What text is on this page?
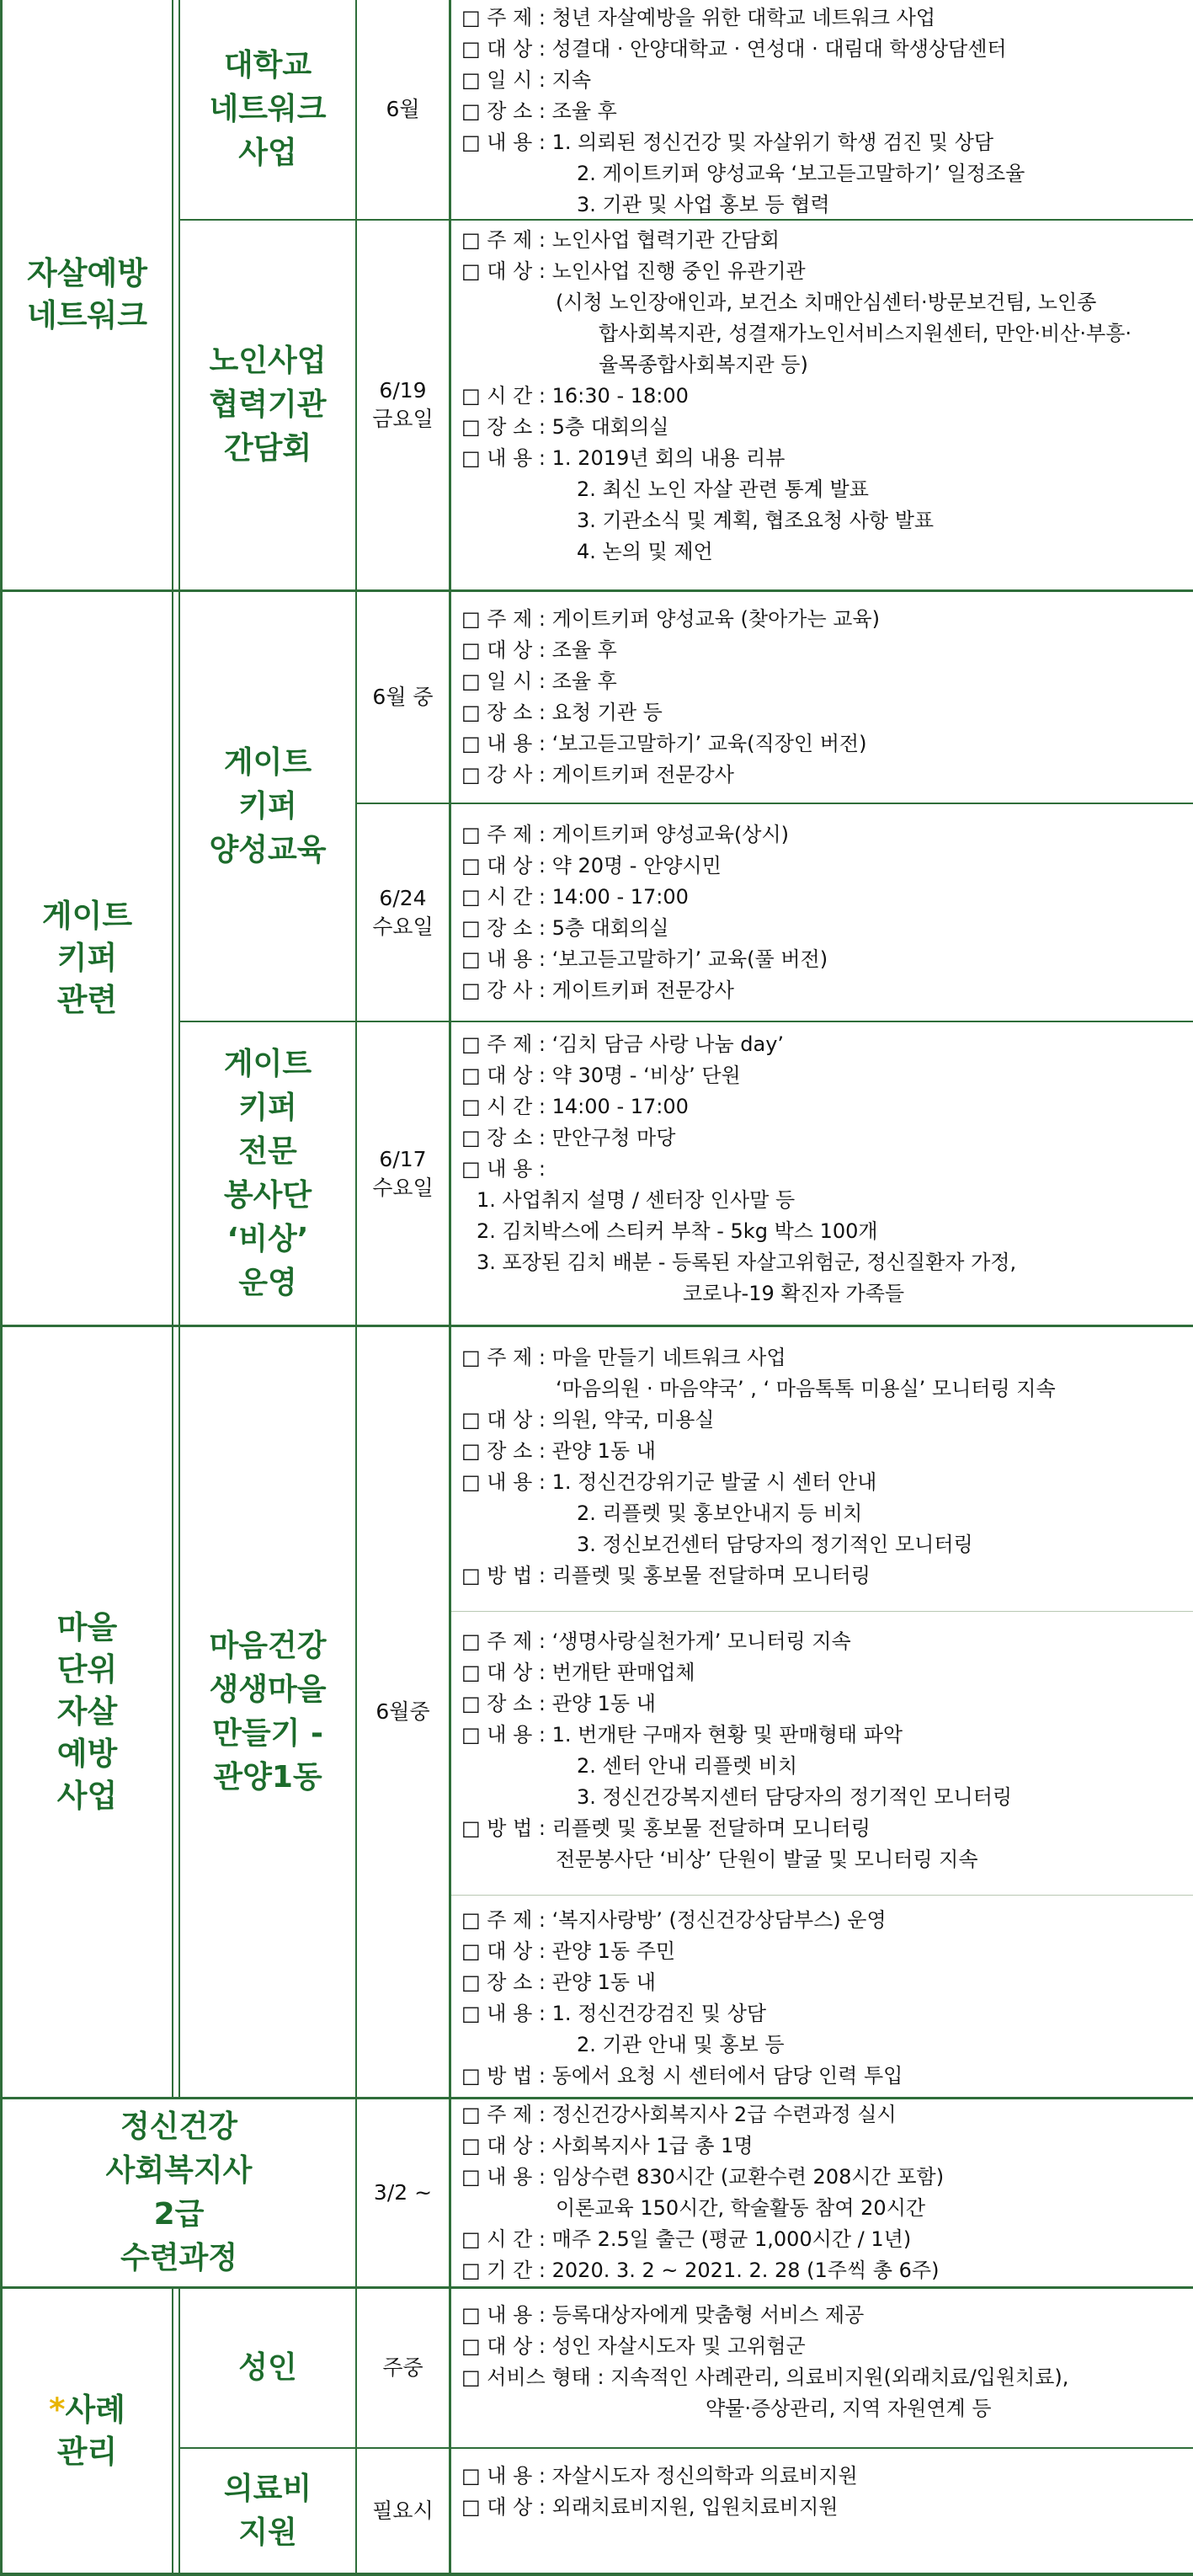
자살예방
네트워크
대학교
네트워크
사업
6월
□ 주 제 : 청년 자살예방을 위한 대학교 네트워크 사업
□ 대 상 : 성결대 · 안양대학교 · 연성대 · 대림대 학생상담센터
□ 일 시 : 지속
□ 장 소 : 조율 후
□ 내 용 : 1. 의뢰된 정신건강 및 자살위기 학생 검진 및 상담
2. 게이트키퍼 양성교육 ‘보고듣고말하기’ 일정조율
3. 기관 및 사업 홍보 등 협력
노인사업
협력기관
간담회
6/19
금요일
□ 주 제 : 노인사업 협력기관 간담회
□ 대 상 : 노인사업 진행 중인 유관기관
(시청 노인장애인과, 보건소 치매안심센터·방문보건팀, 노인종
합사회복지관, 성결재가노인서비스지원센터, 만안·비산·부흥·
율목종합사회복지관 등)
□ 시 간 : 16:30 - 18:00
□ 장 소 : 5층 대회의실
□ 내 용 : 1. 2019년 회의 내용 리뷰
2. 최신 노인 자살 관련 통계 발표
3. 기관소식 및 계획, 협조요청 사항 발표
4. 논의 및 제언
게이트
키퍼
관련
게이트
키퍼
양성교육
6월 중
□ 주 제 : 게이트키퍼 양성교육 (찾아가는 교육)
□ 대 상 : 조율 후
□ 일 시 : 조율 후
□ 장 소 : 요청 기관 등
□ 내 용 : ‘보고듣고말하기’ 교육(직장인 버전)
□ 강 사 : 게이트키퍼 전문강사
6/24
수요일
□ 주 제 : 게이트키퍼 양성교육(상시)
□ 대 상 : 약 20명 - 안양시민
□ 시 간 : 14:00 - 17:00
□ 장 소 : 5층 대회의실
□ 내 용 : ‘보고듣고말하기’ 교육(풀 버전)
□ 강 사 : 게이트키퍼 전문강사
게이트
키퍼
전문
봉사단
‘비상’
운영
6/17
수요일
□ 주 제 : ‘김치 담금 사랑 나눔 day’
□ 대 상 : 약 30명 - ‘비상’ 단원
□ 시 간 : 14:00 - 17:00
□ 장 소 : 만안구청 마당
□ 내 용 :
1. 사업취지 설명 / 센터장 인사말 등
2. 김치박스에 스티커 부착 - 5kg 박스 100개
3. 포장된 김치 배분 - 등록된 자살고위험군, 정신질환자 가정,
코로나-19 확진자 가족들
마을
단위
자살
예방
사업
마음건강
생생마을
만들기 -
관양1동
6월중
□ 주 제 : 마을 만들기 네트워크 사업
‘마음의원 · 마음약국’ , ‘ 마음톡톡 미용실’ 모니터링 지속
□ 대 상 : 의원, 약국, 미용실
□ 장 소 : 관양 1동 내
□ 내 용 : 1. 정신건강위기군 발굴 시 센터 안내
2. 리플렛 및 홍보안내지 등 비치
3. 정신보건센터 담당자의 정기적인 모니터링
□ 방 법 : 리플렛 및 홍보물 전달하며 모니터링
□ 주 제 : ‘생명사랑실천가게’ 모니터링 지속
□ 대 상 : 번개탄 판매업체
□ 장 소 : 관양 1동 내
□ 내 용 : 1. 번개탄 구매자 현황 및 판매형태 파악
2. 센터 안내 리플렛 비치
3. 정신건강복지센터 담당자의 정기적인 모니터링
□ 방 법 : 리플렛 및 홍보물 전달하며 모니터링
전문봉사단 ‘비상’ 단원이 발굴 및 모니터링 지속
□ 주 제 : ‘복지사랑방’ (정신건강상담부스) 운영
□ 대 상 : 관양 1동 주민
□ 장 소 : 관양 1동 내
□ 내 용 : 1. 정신건강검진 및 상담
2. 기관 안내 및 홍보 등
□ 방 법 : 동에서 요청 시 센터에서 담당 인력 투입
정신건강
사회복지사
2급
수련과정
3/2 ~
□ 주 제 : 정신건강사회복지사 2급 수련과정 실시
□ 대 상 : 사회복지사 1급 총 1명
□ 내 용 : 임상수련 830시간 (교환수련 208시간 포함)
이론교육 150시간, 학술활동 참여 20시간
□ 시 간 : 매주 2.5일 출근 (평균 1,000시간 / 1년)
□ 기 간 : 2020. 3. 2 ~ 2021. 2. 28 (1주씩 총 6주)
*사례
관리
성인	주중
□ 내 용 : 등록대상자에게 맞춤형 서비스 제공
□ 대 상 : 성인 자살시도자 및 고위험군
□ 서비스 형태 : 지속적인 사례관리, 의료비지원(외래치료/입원치료),
약물·증상관리, 지역 자원연계 등
의료비
지원
필요시
□ 내 용 : 자살시도자 정신의학과 의료비지원
□ 대 상 : 외래치료비지원, 입원치료비지원
